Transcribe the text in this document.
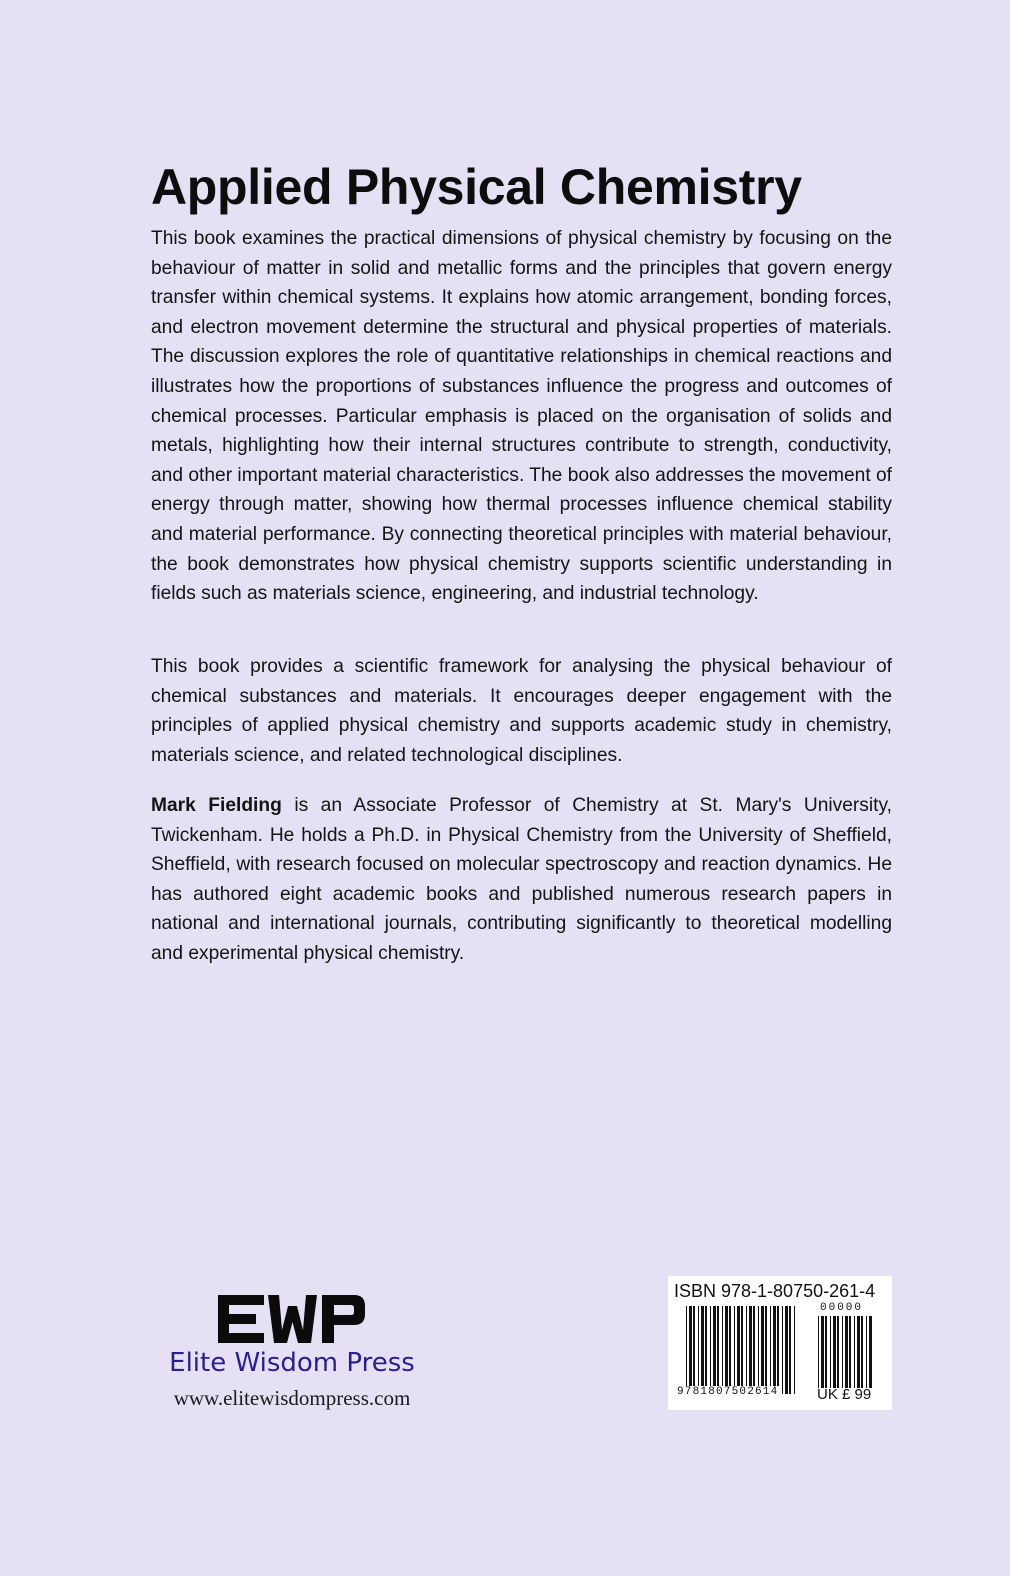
Applied Physical Chemistry

This book examines the practical dimensions of physical chemistry by focusing on the behaviour of matter in solid and metallic forms and the principles that govern energy transfer within chemical systems. It explains how atomic arrangement, bonding forces, and electron movement determine the structural and physical properties of materials. The discussion explores the role of quantitative relationships in chemical reactions and illustrates how the proportions of substances influence the progress and outcomes of chemical processes. Particular emphasis is placed on the organisation of solids and metals, highlighting how their internal structures contribute to strength, conductivity, and other important material characteristics. The book also addresses the movement of energy through matter, showing how thermal processes influence chemical stability and material performance. By connecting theoretical principles with material behaviour, the book demonstrates how physical chemistry supports scientific understanding in fields such as materials science, engineering, and industrial technology.

This book provides a scientific framework for analysing the physical behaviour of chemical substances and materials. It encourages deeper engagement with the principles of applied physical chemistry and supports academic study in chemistry, materials science, and related technological disciplines.

Mark Fielding is an Associate Professor of Chemistry at St. Mary's University, Twickenham. He holds a Ph.D. in Physical Chemistry from the University of Sheffield, Sheffield, with research focused on molecular spectroscopy and reaction dynamics. He has authored eight academic books and published numerous research papers in national and international journals, contributing significantly to theoretical modelling and experimental physical chemistry.

Elite Wisdom Press
www.elitewisdompress.com
ISBN 978-1-80750-261-4
9781807502614
00000
UK £ 99
